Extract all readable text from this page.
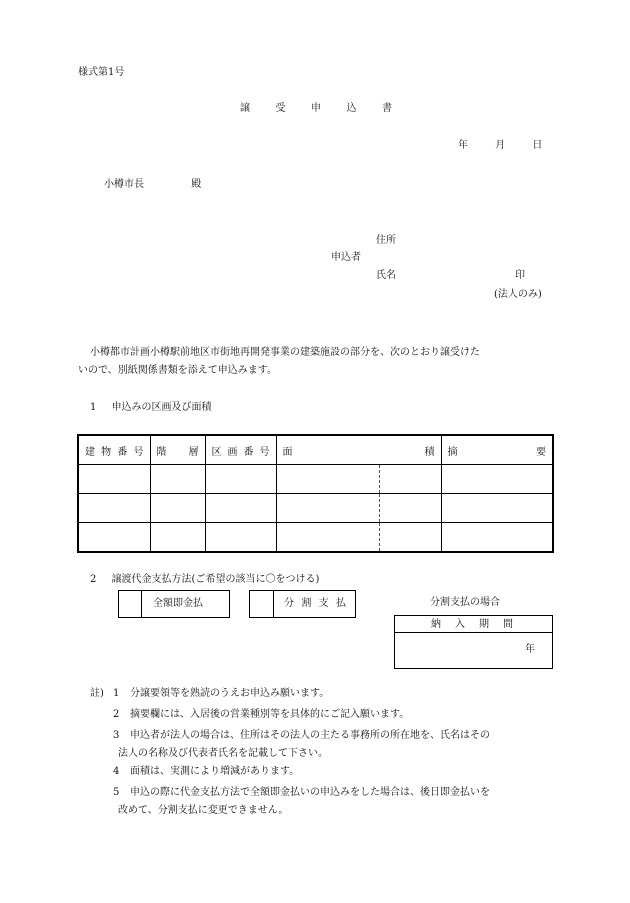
様式第1号
譲	受	申	込	書
年	月	日
小樽市長	殿
住所
申込者
氏名	印
(法人のみ)
小樽都市計画小樽駅前地区市街地再開発事業の建築施設の部分を、次のとおり譲受けた
いので、別紙関係書類を添えて申込みます。
1 申込みの区画及び面積
建 物 番 号	階 層	区 画 番 号	面	積	摘 要

2 譲渡代金支払方法(ご希望の該当に〇をつける)
全額即金払	分 割 支 払	分割支払の場合
納 入 期 間
年
註) 1 分譲要領等を熟読のうえお申込み願います。
2 摘要欄には、入居後の営業種別等を具体的にご記入願います。
3 申込者が法人の場合は、住所はその法人の主たる事務所の所在地を、氏名はその
法人の名称及び代表者氏名を記載して下さい。
4 面積は、実測により増減があります。
5 申込の際に代金支払方法で全額即金払いの申込みをした場合は、後日即金払いを
改めて、分割支払に変更できません。
